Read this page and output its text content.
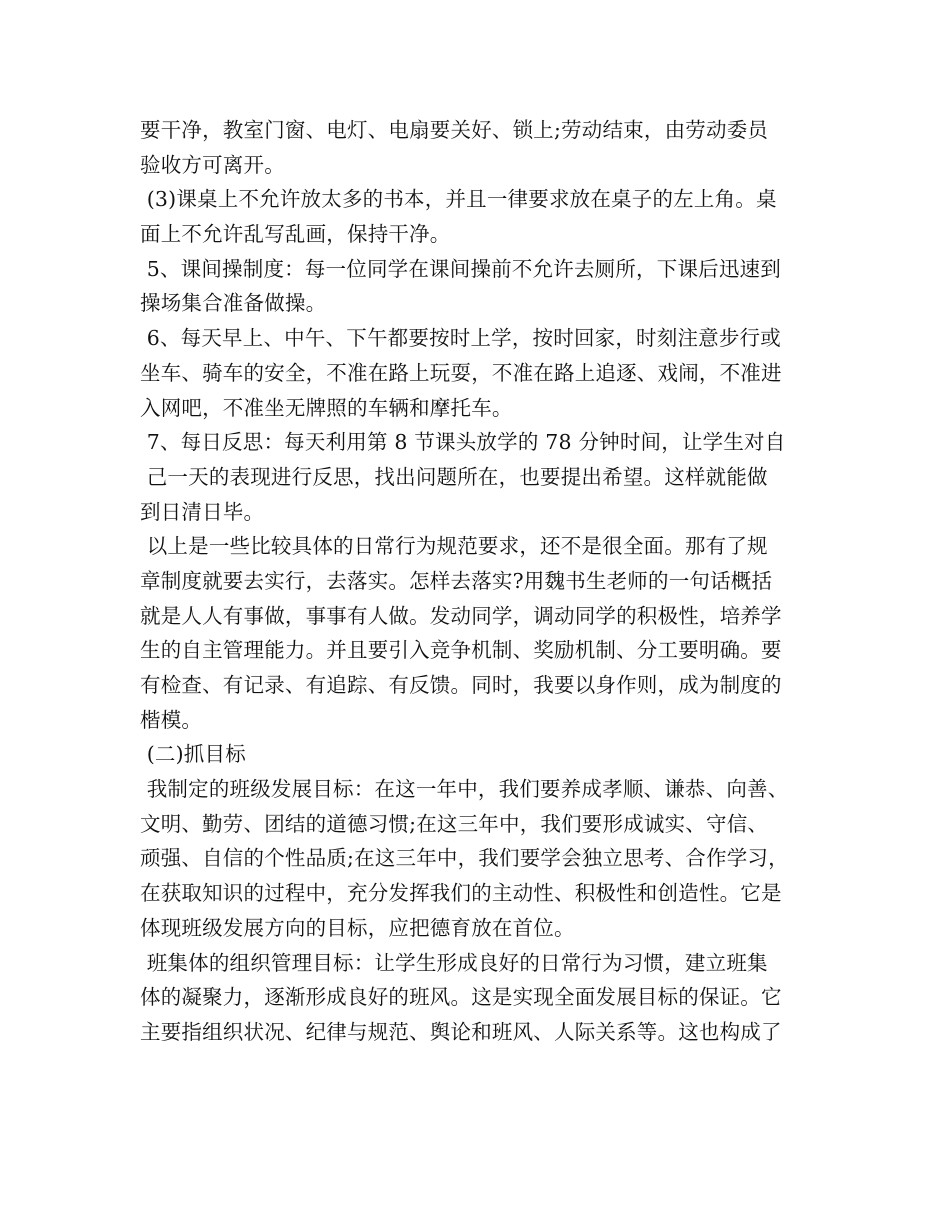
要干净，教室门窗、电灯、电扇要关好、锁上;劳动结束，由劳动委员
验收方可离开。
(3)课桌上不允许放太多的书本，并且一律要求放在桌子的左上角。桌
面上不允许乱写乱画，保持干净。
5、课间操制度：每一位同学在课间操前不允许去厕所，下课后迅速到
操场集合准备做操。
6、每天早上、中午、下午都要按时上学，按时回家，时刻注意步行或
坐车、骑车的安全，不准在路上玩耍，不准在路上追逐、戏闹，不准进
入网吧，不准坐无牌照的车辆和摩托车。
7、每日反思：每天利用第 8 节课头放学的 78 分钟时间，让学生对自
己一天的表现进行反思，找出问题所在，也要提出希望。这样就能做
到日清日毕。
以上是一些比较具体的日常行为规范要求，还不是很全面。那有了规
章制度就要去实行，去落实。怎样去落实?用魏书生老师的一句话概括
就是人人有事做，事事有人做。发动同学，调动同学的积极性，培养学
生的自主管理能力。并且要引入竞争机制、奖励机制、分工要明确。要
有检查、有记录、有追踪、有反馈。同时，我要以身作则，成为制度的
楷模。
(二)抓目标
我制定的班级发展目标：在这一年中，我们要养成孝顺、谦恭、向善、
文明、勤劳、团结的道德习惯;在这三年中，我们要形成诚实、守信、
顽强、自信的个性品质;在这三年中，我们要学会独立思考、合作学习，
在获取知识的过程中，充分发挥我们的主动性、积极性和创造性。它是
体现班级发展方向的目标，应把德育放在首位。
班集体的组织管理目标：让学生形成良好的日常行为习惯，建立班集
体的凝聚力，逐渐形成良好的班风。这是实现全面发展目标的保证。它
主要指组织状况、纪律与规范、舆论和班风、人际关系等。这也构成了
